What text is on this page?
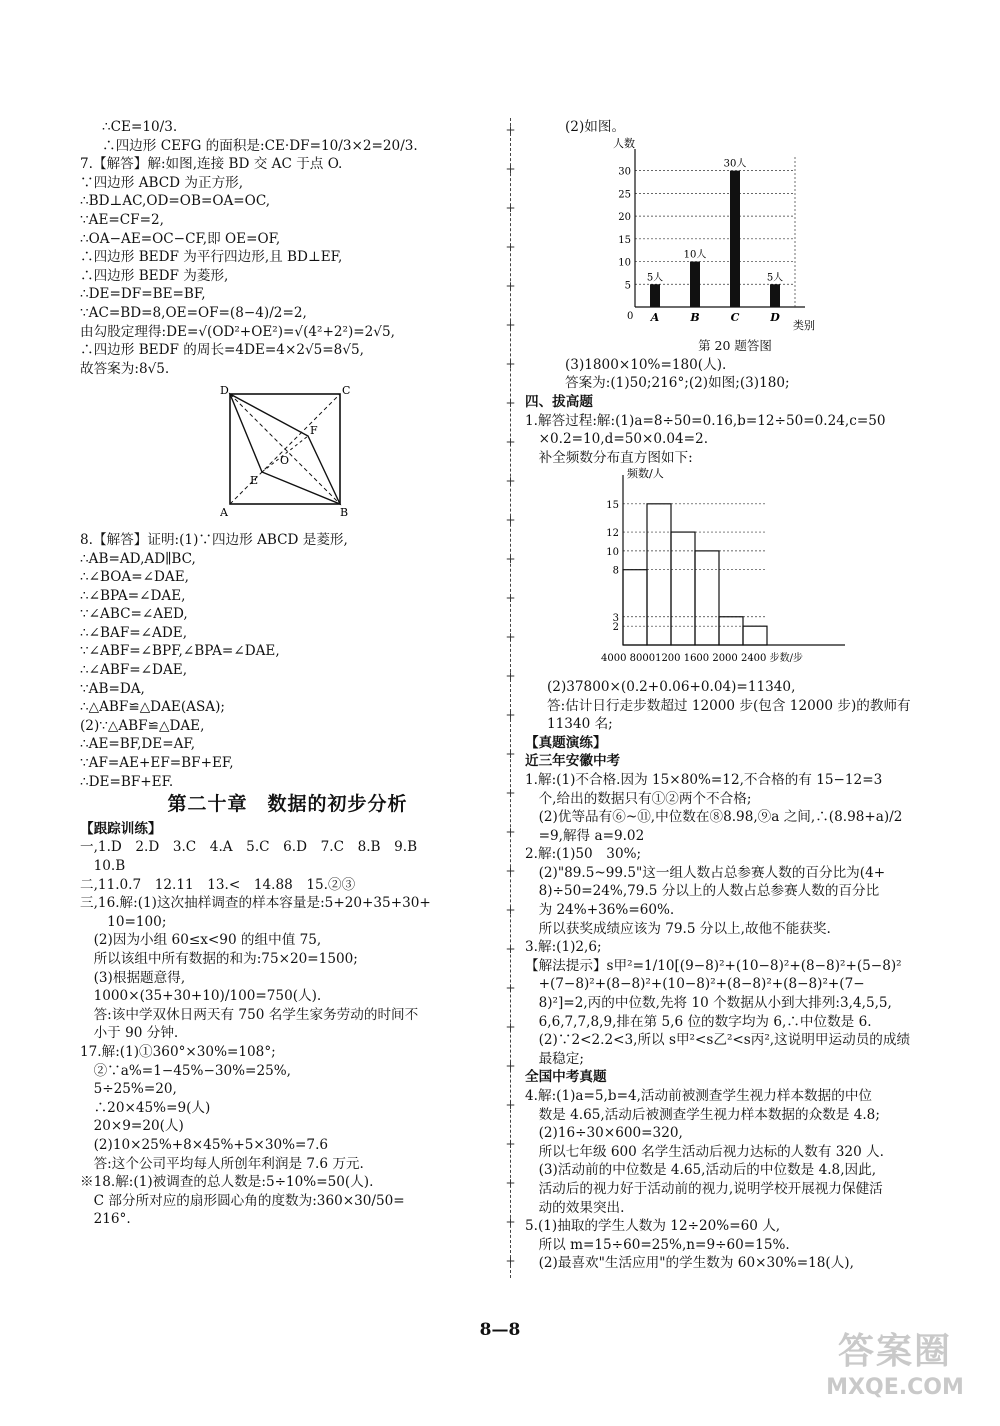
∴CE=10/3.
∴四边形 CEFG 的面积是:CE·DF=10/3×2=20/3.
7.【解答】解:如图,连接 BD 交 AC 于点 O.
∵四边形 ABCD 为正方形,
∴BD⊥AC,OD=OB=OA=OC,
∵AE=CF=2,
∴OA−AE=OC−CF,即 OE=OF,
∴四边形 BEDF 为平行四边形,且 BD⊥EF,
∴四边形 BEDF 为菱形,
∴DE=DF=BE=BF,
∵AC=BD=8,OE=OF=(8−4)/2=2,
由勾股定理得:DE=√(OD²+OE²)=√(4²+2²)=2√5,
∴四边形 BEDF 的周长=4DE=4×2√5=8√5,
故答案为:8√5.
D	C
F
O
E
A	B
8.【解答】证明:(1)∵四边形 ABCD 是菱形,
∴AB=AD,AD∥BC,
∴∠BOA=∠DAE,
∴∠BPA=∠DAE,
∵∠ABC=∠AED,
∴∠BAF=∠ADE,
∵∠ABF=∠BPF,∠BPA=∠DAE,
∴∠ABF=∠DAE,
∵AB=DA,
∴△ABF≌△DAE(ASA);
(2)∵△ABF≌△DAE,
∴AE=BF,DE=AF,
∵AF=AE+EF=BF+EF,
∴DE=BF+EF.
第二十章　数据的初步分析
【跟踪训练】
一,1.D　2.D　3.C　4.A　5.C　6.D　7.C　8.B　9.B
　10.B
二,11.0.7　12.11　13.<　14.88　15.②③
三,16.解:(1)这次抽样调查的样本容量是:5+20+35+30+
　　10=100;
　(2)因为小组 60≤x<90 的组中值 75,
　所以该组中所有数据的和为:75×20=1500;
　(3)根据题意得,
　1000×(35+30+10)/100=750(人).
　答:该中学双休日两天有 750 名学生家务劳动的时间不
　小于 90 分钟.
17.解:(1)①360°×30%=108°;
　②∵a%=1−45%−30%=25%,
　5÷25%=20,
　∴20×45%=9(人)
　20×9=20(人)
　(2)10×25%+8×45%+5×30%=7.6
　答:这个公司平均每人所创年利润是 7.6 万元.
※18.解:(1)被调查的总人数是:5÷10%=50(人).
　C 部分所对应的扇形圆心角的度数为:360×30/50=
　216°.
(2)如图。
5
10
15
20
25
30
人数
类别
0 A
5人
B
10人
C
30人
D
5人
第 20 题答图
(3)1800×10%=180(人).
答案为:(1)50;216°;(2)如图;(3)180;
四、拔高题
1.解答过程:解:(1)a=8÷50=0.16,b=12÷50=0.24,c=50
　×0.2=10,d=50×0.04=2.
　补全频数分布直方图如下:
2
3
8
10
12
15
频数/人
4000 80001200 1600 2000 2400 步数/步
(2)37800×(0.2+0.06+0.04)=11340,
答:估计日行走步数超过 12000 步(包含 12000 步)的教师有
11340 名;
【真题演练】
近三年安徽中考
1.解:(1)不合格.因为 15×80%=12,不合格的有 15−12=3
　个,给出的数据只有①②两个不合格;
　(2)优等品有⑥~⑪,中位数在⑧8.98,⑨a 之间,∴(8.98+a)/2
　=9,解得 a=9.02
2.解:(1)50　30%;
　(2)"89.5~99.5"这一组人数占总参赛人数的百分比为(4+
　8)÷50=24%,79.5 分以上的人数占总参赛人数的百分比
　为 24%+36%=60%.
　所以获奖成绩应该为 79.5 分以上,故他不能获奖.
3.解:(1)2,6;
【解法提示】s甲²=1/10[(9−8)²+(10−8)²+(8−8)²+(5−8)²
　+(7−8)²+(8−8)²+(10−8)²+(8−8)²+(8−8)²+(7−
　8)²]=2,丙的中位数,先将 10 个数据从小到大排列:3,4,5,5,
　6,6,7,7,8,9,排在第 5,6 位的数字均为 6,∴中位数是 6.
　(2)∵2<2.2<3,所以 s甲²<s乙²<s丙²,这说明甲运动员的成绩
　最稳定;
全国中考真题
4.解:(1)a=5,b=4,活动前被测查学生视力样本数据的中位
　数是 4.65,活动后被测查学生视力样本数据的众数是 4.8;
　(2)16÷30×600=320,
　所以七年级 600 名学生活动后视力达标的人数有 320 人.
　(3)活动前的中位数是 4.65,活动后的中位数是 4.8,因此,
　活动后的视力好于活动前的视力,说明学校开展视力保健活
　动的效果突出.
5.(1)抽取的学生人数为 12÷20%=60 人,
　所以 m=15÷60=25%,n=9÷60=15%.
　(2)最喜欢"生活应用"的学生数为 60×30%=18(人),
8—8
答案圈
MXQE.COM
+
+
+
+
+
+
+
+
+
+
+
+
+
+
+
+
+
+
+
+
+
+
+
+
+
+
+
+
+
+
